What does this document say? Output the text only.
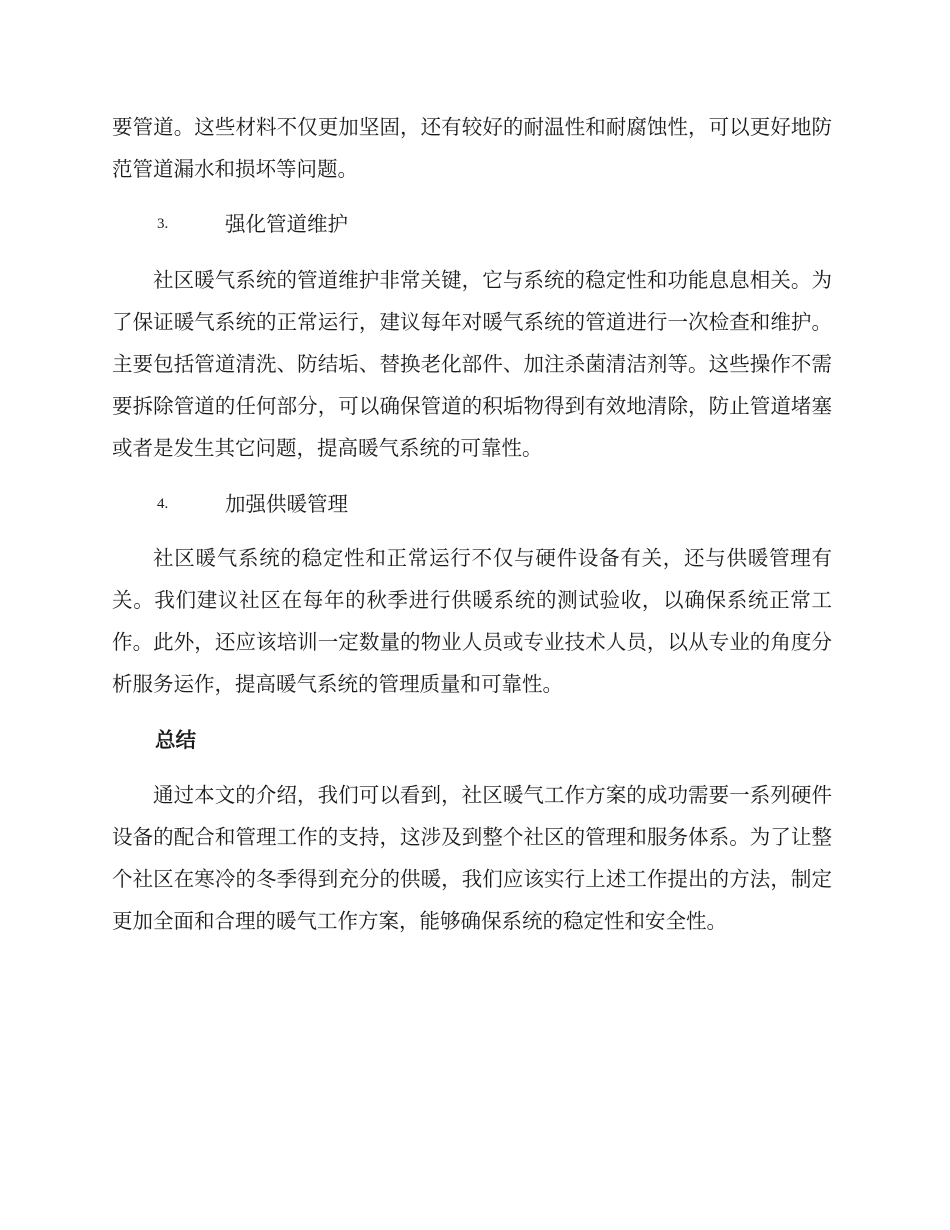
要管道。这些材料不仅更加坚固，还有较好的耐温性和耐腐蚀性，可以更好地防范管道漏水和损坏等问题。

3.	强化管道维护

社区暖气系统的管道维护非常关键，它与系统的稳定性和功能息息相关。为了保证暖气系统的正常运行，建议每年对暖气系统的管道进行一次检查和维护。主要包括管道清洗、防结垢、替换老化部件、加注杀菌清洁剂等。这些操作不需要拆除管道的任何部分，可以确保管道的积垢物得到有效地清除，防止管道堵塞或者是发生其它问题，提高暖气系统的可靠性。

4.	加强供暖管理

社区暖气系统的稳定性和正常运行不仅与硬件设备有关，还与供暖管理有关。我们建议社区在每年的秋季进行供暖系统的测试验收，以确保系统正常工作。此外，还应该培训一定数量的物业人员或专业技术人员，以从专业的角度分析服务运作，提高暖气系统的管理质量和可靠性。

总结

通过本文的介绍，我们可以看到，社区暖气工作方案的成功需要一系列硬件设备的配合和管理工作的支持，这涉及到整个社区的管理和服务体系。为了让整个社区在寒冷的冬季得到充分的供暖，我们应该实行上述工作提出的方法，制定更加全面和合理的暖气工作方案，能够确保系统的稳定性和安全性。
